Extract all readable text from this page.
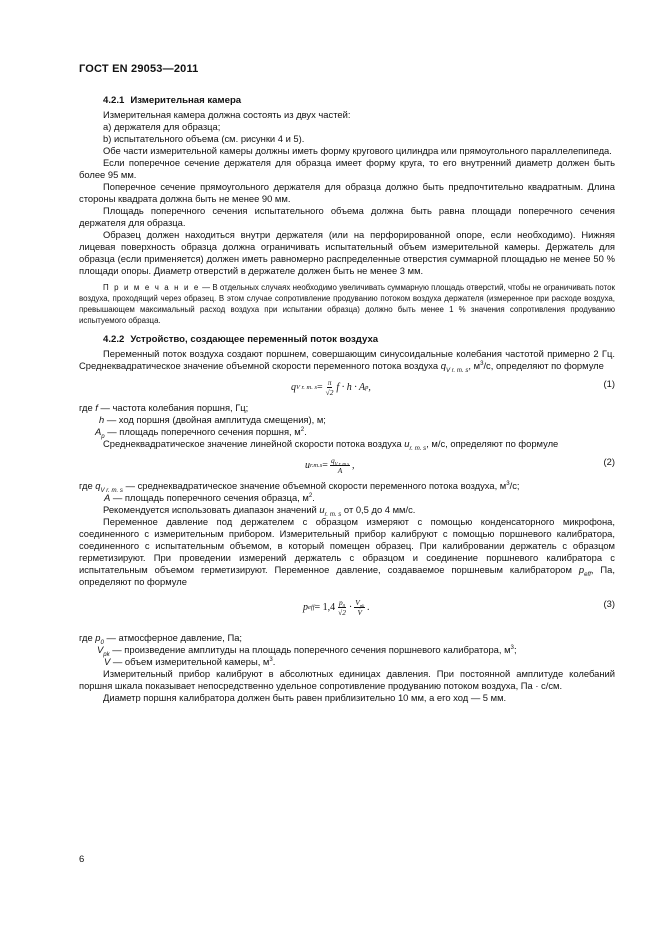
ГОСТ EN 29053—2011
4.2.1 Измерительная камера

Измерительная камера должна состоять из двух частей:

a) держателя для образца;

b) испытательного объема (см. рисунки 4 и 5).

Обе части измерительной камеры должны иметь форму кругового цилиндра или прямоугольного параллелепипеда.

Если поперечное сечение держателя для образца имеет форму круга, то его внутренний диаметр должен быть более 95 мм.

Поперечное сечение прямоугольного держателя для образца должно быть предпочтительно квадратным. Длина стороны квадрата должна быть не менее 90 мм.

Площадь поперечного сечения испытательного объема должна быть равна площади поперечного сечения держателя для образца.

Образец должен находиться внутри держателя (или на перфорированной опоре, если необходимо). Нижняя лицевая поверхность образца должна ограничивать испытательный объем измерительной камеры. Держатель для образца (если применяется) должен иметь равномерно распределенные отверстия суммарной площадью не менее 50 % площади опоры. Диаметр отверстий в держателе должен быть не менее 3 мм.

П р и м е ч а н и е — В отдельных случаях необходимо увеличивать суммарную площадь отверстий, чтобы не ограничивать поток воздуха, проходящий через образец. В этом случае сопротивление продуванию потоком воздуха держателя (измеренное при расходе воздуха, превышающем максимальный расход воздуха при испытании образца) должно быть менее 1 % значения сопротивления продуванию испытуемого образца.

4.2.2 Устройство, создающее переменный поток воздуха

Переменный поток воздуха создают поршнем, совершающим синусоидальные колебания частотой примерно 2 Гц. Среднеквадратическое значение объемной скорости переменного потока воздуха $q_{V r. m. s}$, $м^3/с$, определяют по формуле

q V r. m. $s = \frac{\pi}{√2}$ f · h · A p ,	(1)

где f — частота колебания поршня, Гц;

h — ход поршня (двойная амплитуда смещения), м;

$A_p$ — площадь поперечного сечения поршня, $м^2$.

Среднеквадратическое значение линейной скорости потока воздуха $u_{r. m. s}$, м/с, определяют по формуле

u $r.m.s = \frac{q_{V r. m.s}}{A}$ ,	(2)

где $q_{V r. m. s}$ — среднеквадратическое значение объемной скорости переменного потока воздуха, $м^3/с$;

A — площадь поперечного сечения образца, $м^2$.

Рекомендуется использовать диапазон значений $u_{r. m. s}$ от 0,5 до 4 мм/с.

Переменное давление под держателем с образцом измеряют с помощью конденсаторного микрофона, соединенного с измерительным прибором. Измерительный прибор калибруют с помощью поршневого калибратора, соединенного с испытательным объемом, в который помещен образец. При калибровании держатель с образцом герметизируют. При проведении измерений держатель с образцом и соединение поршневого калибратора с испытательным объемом герметизируют. Переменное давление, создаваемое поршневым калибратором $p_{eff}$, Па, определяют по формуле

p eff = $1,4 \frac{p_0}{√2} \cdot \frac{V_{pk}}{V}$ .	(3)

где $p_0$ — атмосферное давление, Па;

$V_{pk}$ — произведение амплитуды на площадь поперечного сечения поршневого калибратора, $м^3$;

V — объем измерительной камеры, $м^3$.

Измерительный прибор калибруют в абсолютных единицах давления. При постоянной амплитуде колебаний поршня шкала показывает непосредственно удельное сопротивление продуванию потоком воздуха, Па · с/см.

Диаметр поршня калибратора должен быть равен приблизительно 10 мм, а его ход — 5 мм.

6
